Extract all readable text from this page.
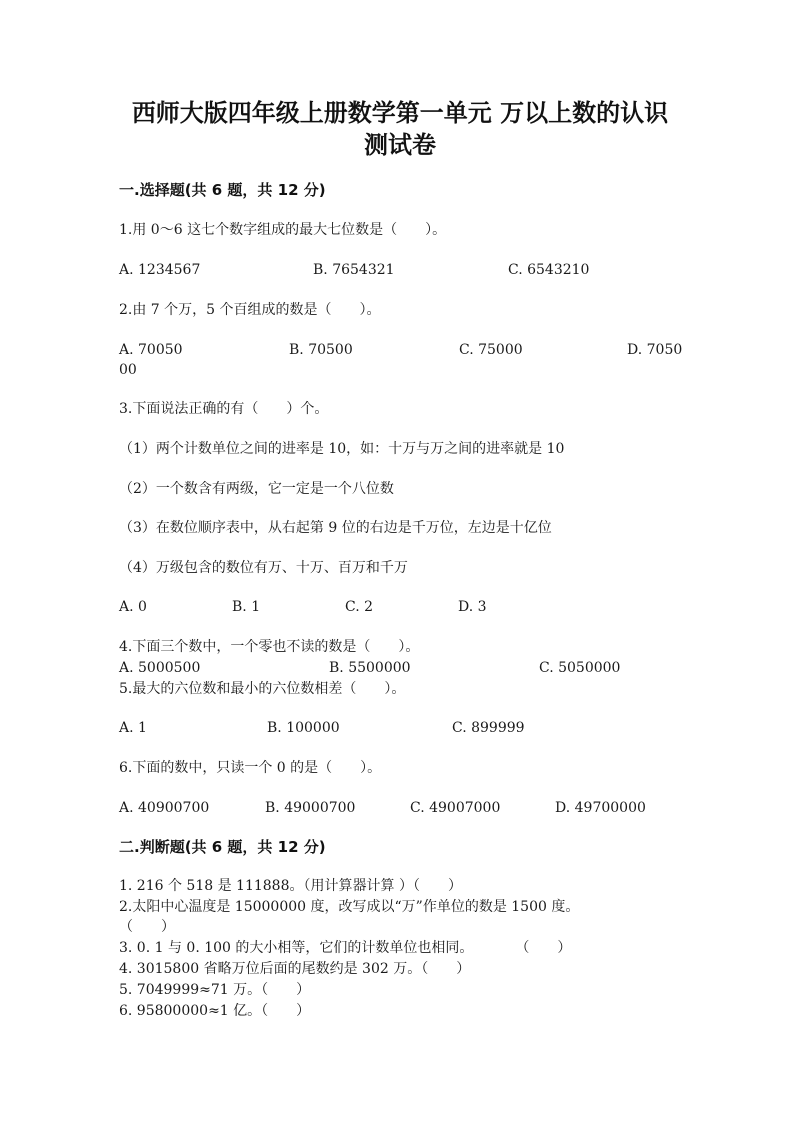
西师大版四年级上册数学第一单元 万以上数的认识
测试卷
一.选择题(共 6 题，共 12 分)
1.用 0～6 这七个数字组成的最大七位数是（　　）。
A. 1234567	B. 7654321	C. 6543210
2.由 7 个万，5 个百组成的数是（　　）。
A. 70050	B. 70500	C. 75000	D. 7050
00
3.下面说法正确的有（　　）个。
（1）两个计数单位之间的进率是 10，如：十万与万之间的进率就是 10
（2）一个数含有两级，它一定是一个八位数
（3）在数位顺序表中，从右起第 9 位的右边是千万位，左边是十亿位
（4）万级包含的数位有万、十万、百万和千万
A. 0	B. 1	C. 2	D. 3
4.下面三个数中，一个零也不读的数是（　　）。
A. 5000500	B. 5500000	C. 5050000
5.最大的六位数和最小的六位数相差（　　）。
A. 1	B. 100000	C. 899999
6.下面的数中，只读一个 0 的是（　　）。
A. 40900700	B. 49000700	C. 49007000	D. 49700000
二.判断题(共 6 题，共 12 分)
1. 216 个 518 是 111888。（用计算器计算 ）（　　）
2.太阳中心温度是 15000000 度，改写成以“万”作单位的数是 1500 度。
（　　）
3. 0. 1 与 0. 100 的大小相等，它们的计数单位也相同。　　　　（　　）
4. 3015800 省略万位后面的尾数约是 302 万。（　　）
5. 7049999≈71 万。（　　）
6. 95800000≈1 亿。（　　）
